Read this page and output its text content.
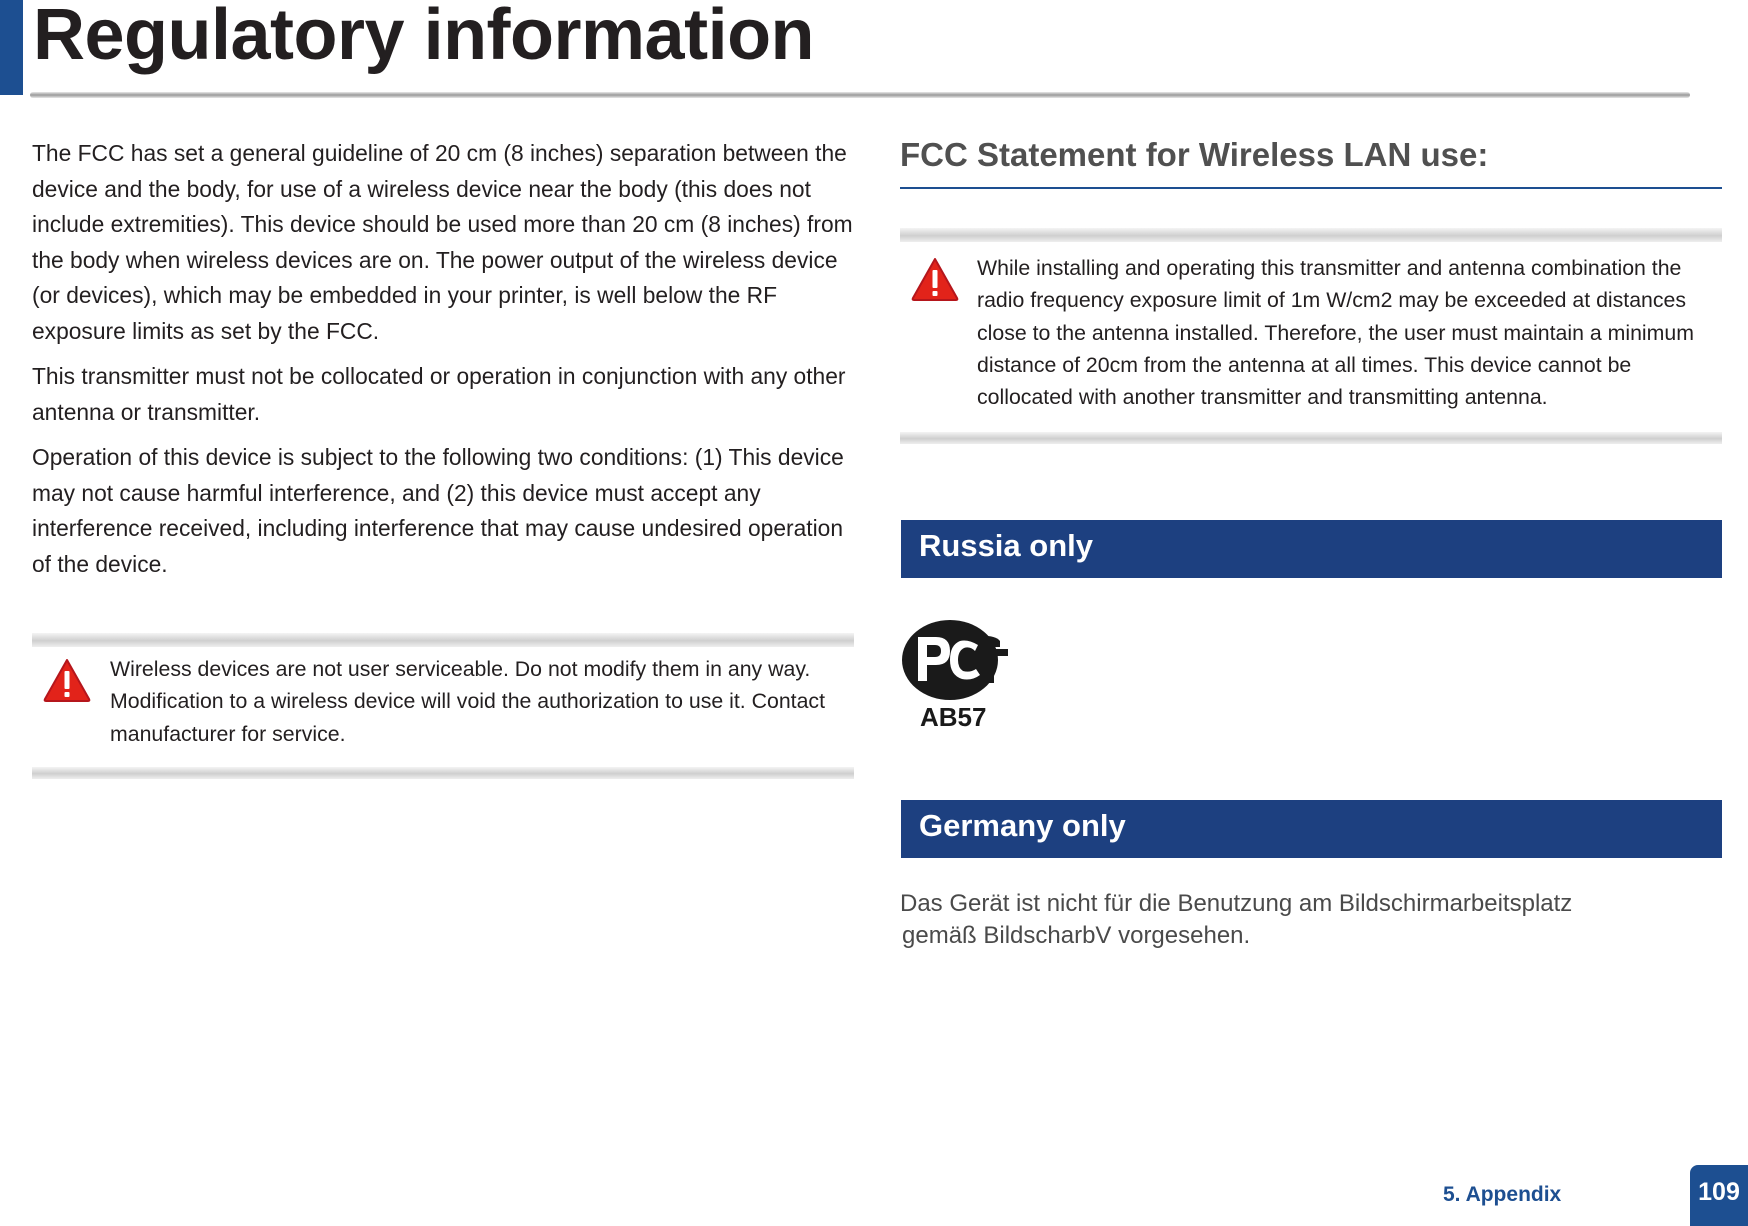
Regulatory information

The FCC has set a general guideline of 20 cm (8 inches) separation between the device and the body, for use of a wireless device near the body (this does not include extremities). This device should be used more than 20 cm (8 inches) from the body when wireless devices are on. The power output of the wireless device (or devices), which may be embedded in your printer, is well below the RF exposure limits as set by the FCC.

This transmitter must not be collocated or operation in conjunction with any other antenna or transmitter.

Operation of this device is subject to the following two conditions: (1) This device may not cause harmful interference, and (2) this device must accept any interference received, including interference that may cause undesired operation of the device.

Wireless devices are not user serviceable. Do not modify them in any way. Modification to a wireless device will void the authorization to use it. Contact manufacturer for service.

FCC Statement for Wireless LAN use:

While installing and operating this transmitter and antenna combination the radio frequency exposure limit of 1m W/cm2 may be exceeded at distances close to the antenna installed. Therefore, the user must maintain a minimum distance of 20cm from the antenna at all times. This device cannot be collocated with another transmitter and transmitting antenna.

Russia only
AB57
Germany only

Das Gerät ist nicht für die Benutzung am Bildschirmarbeitsplatz
gemäß BildscharbV vorgesehen.

5. Appendix	109
